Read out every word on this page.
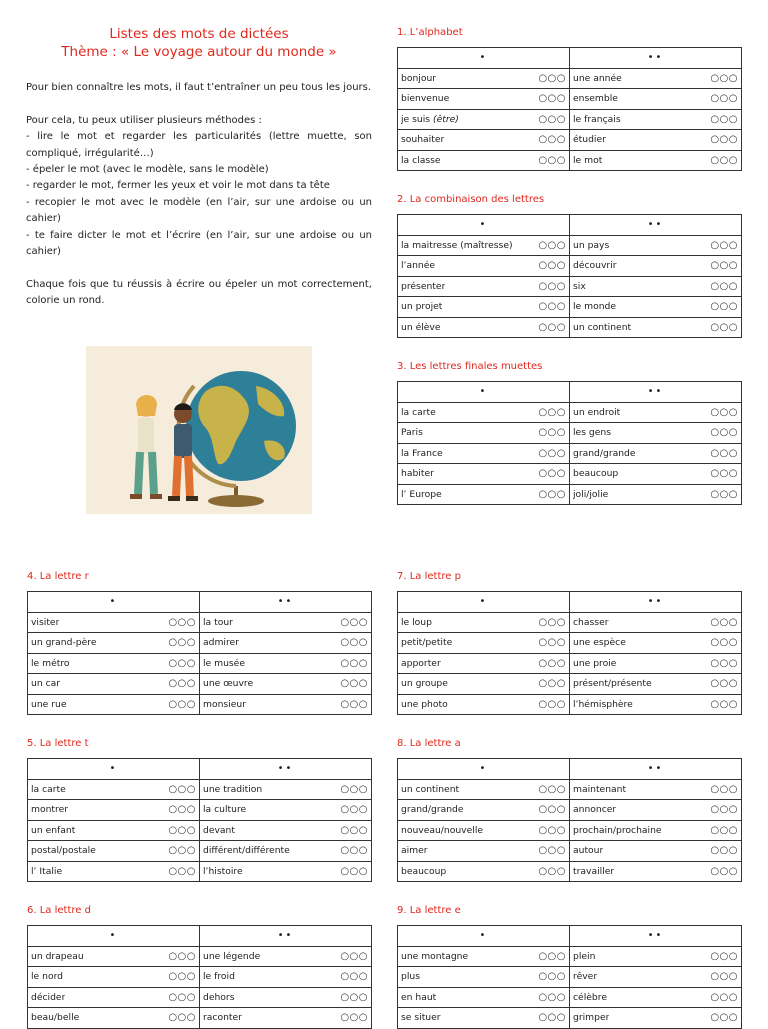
Listes des mots de dictées
Thème : « Le voyage autour du monde »

Pour bien connaître les mots, il faut t’entraîner un peu tous les jours.

Pour cela, tu peux utiliser plusieurs méthodes :
- lire le mot et regarder les particularités (lettre muette, son compliqué, irrégularité…)
- épeler le mot (avec le modèle, sans le modèle)
- regarder le mot, fermer les yeux et voir le mot dans ta tête
- recopier le mot avec le modèle (en l’air, sur une ardoise ou un cahier)
- te faire dicter le mot et l’écrire (en l’air, sur une ardoise ou un cahier)

Chaque fois que tu réussis à écrire ou épeler un mot correctement, colorie un rond.

1. L’alphabet
•	••

bonjour ○○○	une année ○○○

bienvenue ○○○	ensemble ○○○

je suis (être) ○○○	le français ○○○

souhaiter ○○○	étudier ○○○

la classe ○○○	le mot ○○○
2. La combinaison des lettres
•	••

la maitresse (maîtresse) ○○○	un pays ○○○

l’année ○○○	découvrir ○○○

présenter ○○○	six ○○○

un projet ○○○	le monde ○○○

un élève ○○○	un continent ○○○
3. Les lettres finales muettes
•	••

la carte ○○○	un endroit ○○○

Paris ○○○	les gens ○○○

la France ○○○	grand/grande ○○○

habiter ○○○	beaucoup ○○○

l’ Europe ○○○	joli/jolie ○○○
4. La lettre r
•	••

visiter ○○○	la tour ○○○

un grand-père ○○○	admirer ○○○

le métro ○○○	le musée ○○○

un car ○○○	une œuvre ○○○

une rue ○○○	monsieur ○○○
5. La lettre t
•	••

la carte ○○○	une tradition ○○○

montrer ○○○	la culture ○○○

un enfant ○○○	devant ○○○

postal/postale ○○○	différent/différente ○○○

l’ Italie ○○○	l’histoire ○○○
6. La lettre d
•	••

un drapeau ○○○	une légende ○○○

le nord ○○○	le froid ○○○

décider ○○○	dehors ○○○

beau/belle ○○○	raconter ○○○
7. La lettre p
•	••

le loup ○○○	chasser ○○○

petit/petite ○○○	une espèce ○○○

apporter ○○○	une proie ○○○

un groupe ○○○	présent/présente ○○○

une photo ○○○	l’hémisphère ○○○
8. La lettre a
•	••

un continent ○○○	maintenant ○○○

grand/grande ○○○	annoncer ○○○

nouveau/nouvelle ○○○	prochain/prochaine ○○○

aimer ○○○	autour ○○○

beaucoup ○○○	travailler ○○○
9. La lettre e
•	••

une montagne ○○○	plein ○○○

plus ○○○	rêver ○○○

en haut ○○○	célèbre ○○○

se situer ○○○	grimper ○○○
